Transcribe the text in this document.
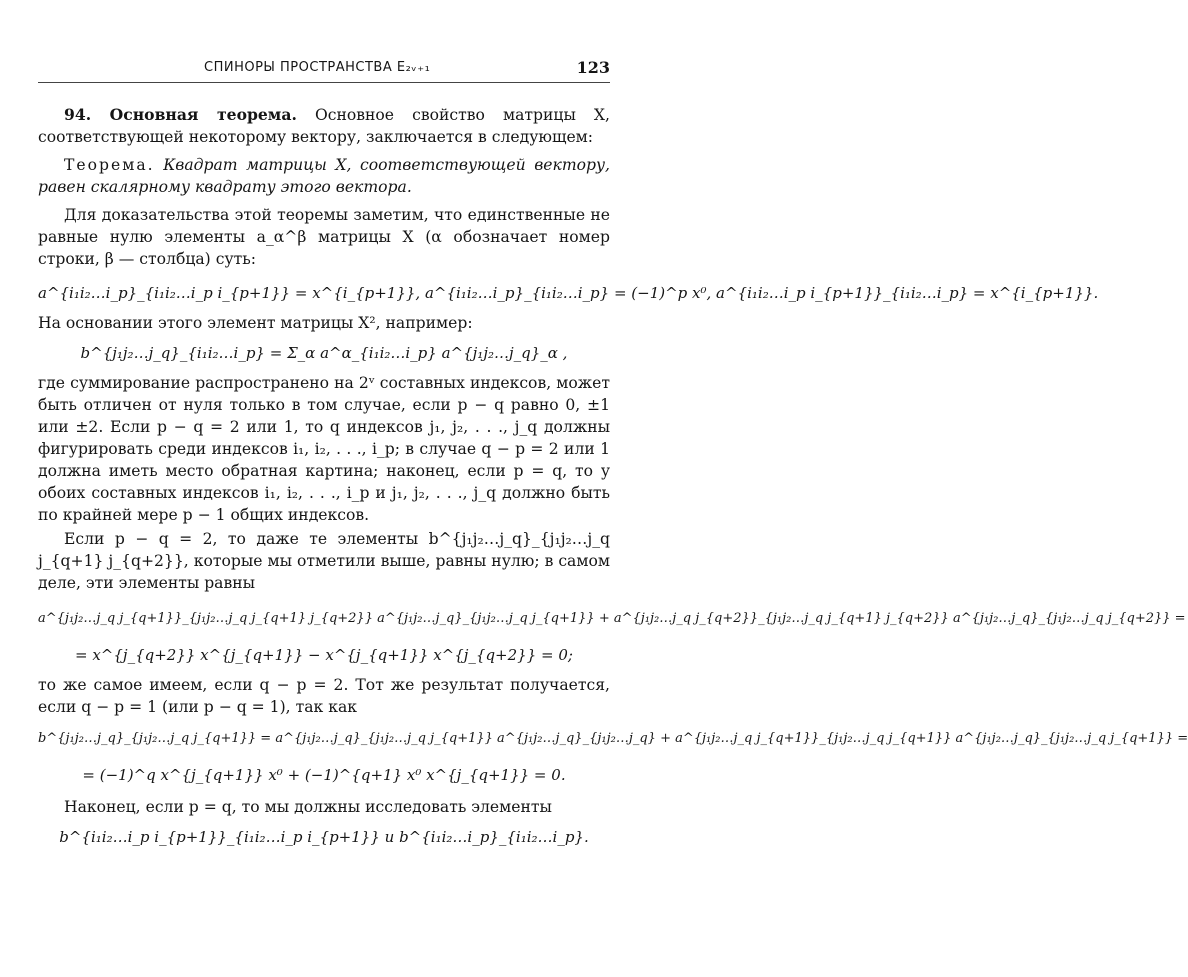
СПИНОРЫ ПРОСТРАНСТВА E₂ᵥ₊₁	123

94. Основная теорема. Основное свойство матрицы X, соответствующей некоторому вектору, заключается в следующем:

Теорема. Квадрат матрицы X, соответствующей вектору, равен скалярному квадрату этого вектора.

Для доказательства этой теоремы заметим, что единственные не равные нулю элементы a_α^β матрицы X (α обозначает номер строки, β — столбца) суть:

a^{i₁i₂…i_p}_{i₁i₂…i_p i_{p+1}} = x^{i_{p+1}}, a^{i₁i₂…i_p}_{i₁i₂…i_p} = (−1)^p x⁰, a^{i₁i₂…i_p i_{p+1}}_{i₁i₂…i_p} = x^{i_{p+1}}.

На основании этого элемент матрицы X², например:

b^{j₁j₂…j_q}_{i₁i₂…i_p} = Σ_α a^α_{i₁i₂…i_p} a^{j₁j₂…j_q}_α ,

где суммирование распространено на 2ᵛ составных индексов, может быть отличен от нуля только в том случае, если p − q равно 0, ±1 или ±2. Если p − q = 2 или 1, то q индексов j₁, j₂, . . ., j_q должны фигурировать среди индексов i₁, i₂, . . ., i_p; в случае q − p = 2 или 1 должна иметь место обратная картина; наконец, если p = q, то у обоих составных индексов i₁, i₂, . . ., i_p и j₁, j₂, . . ., j_q должно быть по крайней мере p − 1 общих индексов.

Если p − q = 2, то даже те элементы b^{j₁j₂…j_q}_{j₁j₂…j_q j_{q+1} j_{q+2}}, которые мы отметили выше, равны нулю; в самом деле, эти элементы равны

a^{j₁j₂…j_q j_{q+1}}_{j₁j₂…j_q j_{q+1} j_{q+2}} a^{j₁j₂…j_q}_{j₁j₂…j_q j_{q+1}} + a^{j₁j₂…j_q j_{q+2}}_{j₁j₂…j_q j_{q+1} j_{q+2}} a^{j₁j₂…j_q}_{j₁j₂…j_q j_{q+2}} =
= x^{j_{q+2}} x^{j_{q+1}} − x^{j_{q+1}} x^{j_{q+2}} = 0;

то же самое имеем, если q − p = 2. Тот же результат получается, если q − p = 1 (или p − q = 1), так как

b^{j₁j₂…j_q}_{j₁j₂…j_q j_{q+1}} = a^{j₁j₂…j_q}_{j₁j₂…j_q j_{q+1}} a^{j₁j₂…j_q}_{j₁j₂…j_q} + a^{j₁j₂…j_q j_{q+1}}_{j₁j₂…j_q j_{q+1}} a^{j₁j₂…j_q}_{j₁j₂…j_q j_{q+1}} =
= (−1)^q x^{j_{q+1}} x⁰ + (−1)^{q+1} x⁰ x^{j_{q+1}} = 0.

Наконец, если p = q, то мы должны исследовать элементы

b^{i₁i₂…i_p i_{p+1}}_{i₁i₂…i_p i_{p+1}} и b^{i₁i₂…i_p}_{i₁i₂…i_p}.
